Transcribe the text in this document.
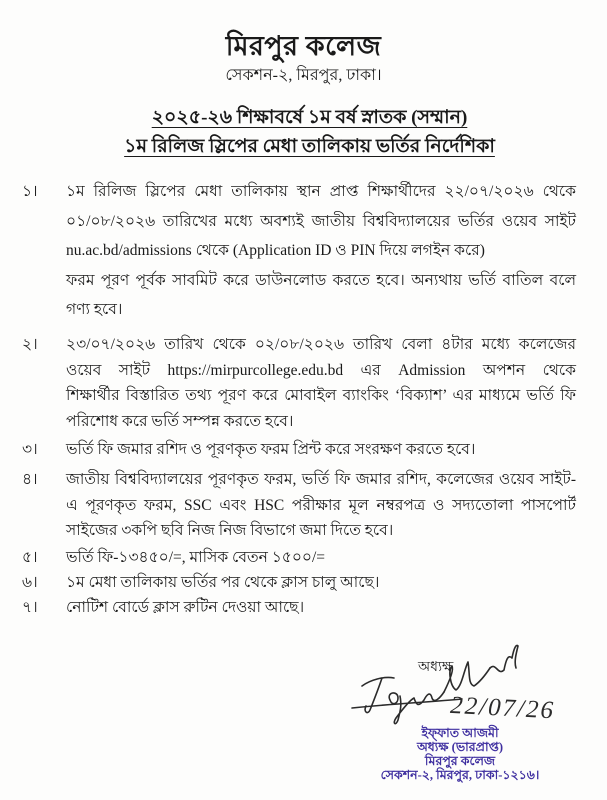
মিরপুর কলেজ
সেকশন-২, মিরপুর, ঢাকা।
২০২৫-২৬ শিক্ষাবর্ষে ১ম বর্ষ স্নাতক (সম্মান)
১ম রিলিজ স্লিপের মেধা তালিকায় ভর্তির নির্দেশিকা
১।	১ম রিলিজ স্লিপের মেধা তালিকায় স্থান প্রাপ্ত শিক্ষার্থীদের ২২/০৭/২০২৬ থেকে
০১/০৮/২০২৬ তারিখের মধ্যে অবশ্যই জাতীয় বিশ্ববিদ্যালয়ের ভর্তির ওয়েব সাইট
nu.ac.bd/admissions থেকে (Application ID ও PIN দিয়ে লগইন করে)
ফরম পূরণ পূর্বক সাবমিট করে ডাউনলোড করতে হবে। অন্যথায় ভর্তি বাতিল বলে
গণ্য হবে।
২।	২৩/০৭/২০২৬ তারিখ থেকে ০২/০৮/২০২৬ তারিখ বেলা ৪টার মধ্যে কলেজের
ওয়েব সাইট https://mirpurcollege.edu.bd এর Admission অপশন থেকে
শিক্ষার্থীর বিস্তারিত তথ্য পূরণ করে মোবাইল ব্যাংকিং ‘বিক্যাশ’ এর মাধ্যমে ভর্তি ফি
পরিশোধ করে ভর্তি সম্পন্ন করতে হবে।
৩।	ভর্তি ফি জমার রশিদ ও পূরণকৃত ফরম প্রিন্ট করে সংরক্ষণ করতে হবে।
৪।	জাতীয় বিশ্ববিদ্যালয়ের পূরণকৃত ফরম, ভর্তি ফি জমার রশিদ, কলেজের ওয়েব সাইট-
এ পূরণকৃত ফরম, SSC এবং HSC পরীক্ষার মূল নম্বরপত্র ও সদ্যতোলা পাসপোর্ট
সাইজের ৩কপি ছবি নিজ নিজ বিভাগে জমা দিতে হবে।
৫।	ভর্তি ফি-১৩৪৫০/=, মাসিক বেতন ১৫০০/=
৬।	১ম মেধা তালিকায় ভর্তির পর থেকে ক্লাস চালু আছে।
৭।	নোটিশ বোর্ডে ক্লাস রুটিন দেওয়া আছে।
অধ্যক্ষ
22/07/26
ইফ্ফাত আজমী
অধ্যক্ষ (ভারপ্রাপ্ত)
মিরপুর কলেজ
সেকশন-২, মিরপুর, ঢাকা-১২১৬।
